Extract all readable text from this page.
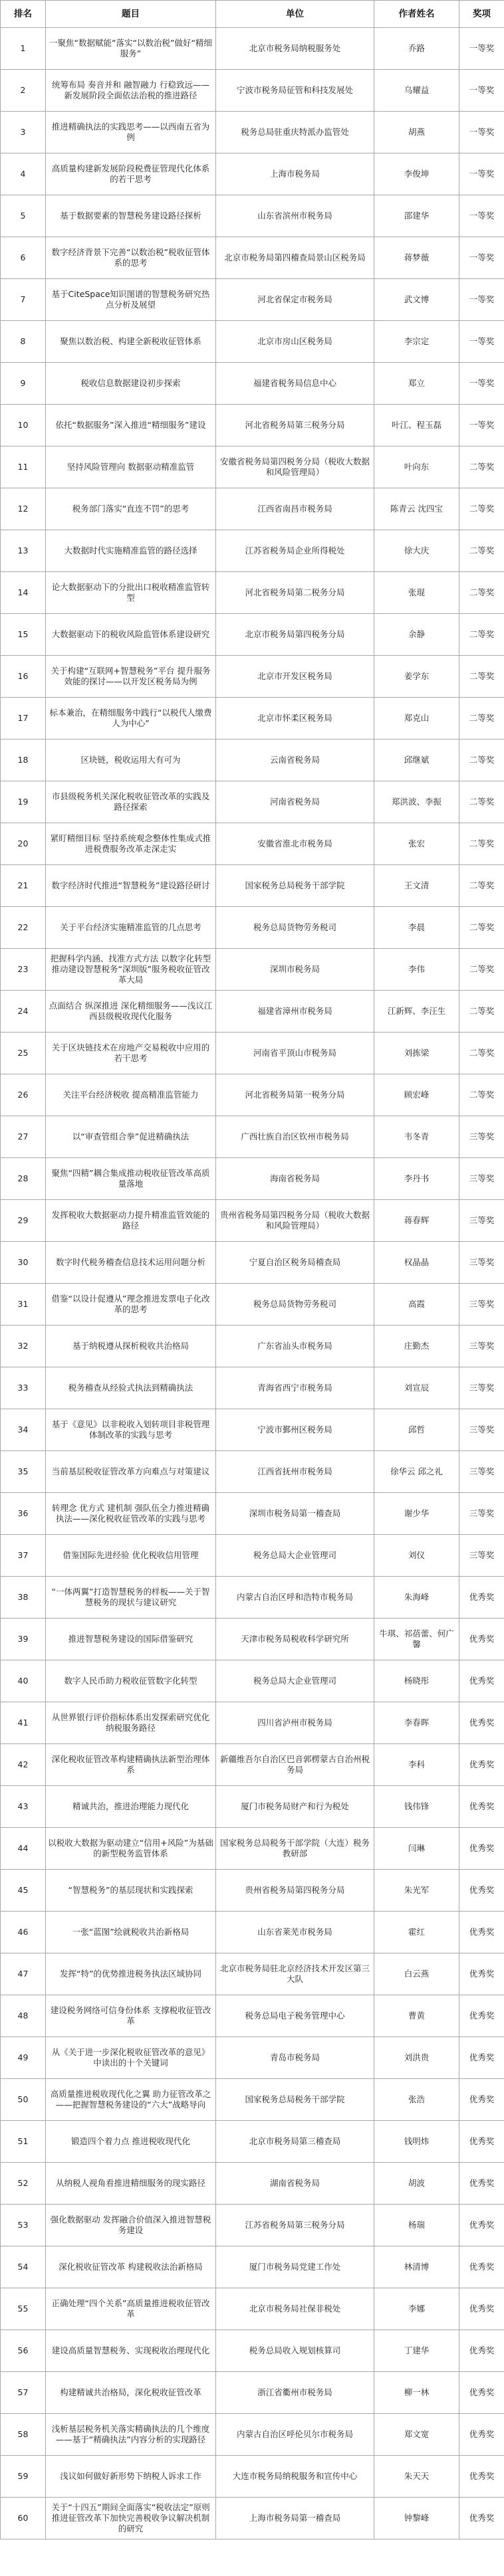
排名	题目	单位	作者姓名	奖项
1	一聚焦“数据赋能”落实“以数治税”做好“精细服务”	北京市税务局纳税服务处	乔路	一等奖
2	统筹布局 奏音并和 融智融力 行稳致远——新发展阶段全面依法治税的推进路径	宁波市税务局征管和科技发展处	乌耀益	一等奖
3	推进精确执法的实践思考——以西南五省为例	税务总局驻重庆特派办监管处	胡燕	一等奖
4	高质量构建新发展阶段税费征管现代化体系的若干思考	上海市税务局	李俊坤	一等奖
5	基于数据要素的智慧税务建设路径探析	山东省滨州市税务局	邵建华	一等奖
6	数字经济背景下完善“以数治税”税收征管体系的思考	北京市税务局第四稽查局景山区税务局	蒋梦薇	一等奖
7	基于CiteSpace知识图谱的智慧税务研究热点分析及展望	河北省保定市税务局	武文博	一等奖
8	聚焦以数治税、构建全新税收征管体系	北京市房山区税务局	李宗定	一等奖
9	税收信息数据建设初步探索	福建省税务局信息中心	郑立	一等奖
10	依托“数据服务”深入推进“精细服务”建设	河北省税务局第三税务分局	叶江、程玉磊	一等奖
11	坚持风险管理向 数据驱动精准监管	安徽省税务局第四税务分局（税收大数据和风险管理局）	叶向东	二等奖
12	税务部门落实“直连不罚”的思考	江西省南昌市税务局	陈青云 沈四宝	二等奖
13	大数据时代实施精准监管的路径选择	江苏省税务局企业所得税处	徐大庆	二等奖
14	论大数据驱动下的分批出口税收精准监管转型	河北省税务局第二税务分局	张琨	二等奖
15	大数据驱动下的税收风险监管体系建设研究	北京市税务局第四税务分局	余静	二等奖
16	关于构建“互联网+智慧税务”平台 提升服务效能的探讨——以开发区税务局为例	北京市开发区税务局	姜学东	二等奖
17	标本兼治，在精细服务中践行“以税代人缴费人为中心”	北京市怀柔区税务局	郑克山	二等奖
18	区块链，税收运用大有可为	云南省税务局	邱继斌	二等奖
19	市县级税务机关深化税收征管改革的实践及路径探索	河南省税务局	郑洪波、李振	二等奖
20	紧盯精细目标 坚持系统观念整体性集成式推进税费服务改革走深走实	安徽省淮北市税务局	张宏	二等奖
21	数字经济时代推进“智慧税务”建设路径研讨	国家税务总局税务干部学院	王文清	二等奖
22	关于平台经济实施精准监管的几点思考	税务总局货物劳务税司	李晨	二等奖
23	把握科学内涵、找准方式方法 以数字化转型推动建设智慧税务“深圳版”服务税收征管改革大局	深圳市税务局	李伟	二等奖
24	点面结合 纵深推进 深化精细服务——浅议江西县级税收现代化服务	福建省漳州市税务局	江新辉、李汪生	二等奖
25	关于区块链技术在房地产交易税收中应用的若干思考	河南省平顶山市税务局	刘拣梁	二等奖
26	关注平台经济税收 提高精准监管能力	河北省税务局第一税务分局	顾宏峰	二等奖
27	以“审查管组合拳”促进精确执法	广西壮族自治区钦州市税务局	韦冬青	三等奖
28	聚焦“四精”耦合集成推动税收征管改革高质量落地	海南省税务局	李丹书	三等奖
29	发挥税收大数据驱动力提升精准监管效能的路径	贵州省税务局第四税务分局（税收大数据和风险管理局）	蒋春辉	三等奖
30	数字时代税务稽查信息技术运用问题分析	宁夏自治区税务局稽查局	权晶晶	三等奖
31	借鉴“以设计促遵从”理念推进发票电子化改革的思考	税务总局货物劳务税司	高霞	三等奖
32	基于纳税遵从探析税收共治格局	广东省汕头市税务局	庄勤杰	三等奖
33	税务稽查从经验式执法到精确执法	青海省西宁市税务局	刘宣辰	三等奖
34	基于《意见》以非税收入划转项目非税管理体制改革的实践与思考	宁波市鄞州区税务局	邱哲	三等奖
35	当前基层税收征管改革方向难点与对策建议	江西省抚州市税务局	徐华云 邱之礼	三等奖
36	转理念 优方式 建机制 强队伍全力推进精确执法——深化税收征管改革的实践与思考	深圳市税务局第一稽查局	谢少华	三等奖
37	借鉴国际先进经验 优化税收信用管理	税务总局大企业管理司	刘仪	三等奖
38	“一体两翼”打造智慧税务的样板——关于智慧税务的现状与建议研究	内蒙古自治区呼和浩特市税务局	朱海峰	优秀奖
39	推进智慧税务建设的国际借鉴研究	天津市税务局税收科学研究所	牛琪、祁蓓蕾、何广馨	优秀奖
40	数字人民币助力税收征管数字化转型	税务总局大企业管理司	杨晓彤	优秀奖
41	从世界银行评价指标体系出发探索研究优化纳税服务路径	四川省泸州市税务局	李春晖	优秀奖
42	深化税收征管改革构建精确执法新型治理体系	新疆维吾尔自治区巴音郭楞蒙古自治州税务局	李科	优秀奖
43	精诚共治，推进治理能力现代化	厦门市税务局财产和行为税处	钱伟锋	优秀奖
44	以税收大数据为驱动建立“信用+风险”为基础的新型税务监管体系	国家税务总局税务干部学院（大连）税务教研部	闫琳	优秀奖
45	“智慧税务”的基层现状和实践探索	贵州省税务局第四税务分局	朱光军	优秀奖
46	一张“蓝图”绘就税收共治新格局	山东省莱芜市税务局	霍红	优秀奖
47	发挥“特”的优势推进税务执法区域协同	北京市税务局驻北京经济技术开发区第三大队	白云燕	优秀奖
48	建设税务网络可信身份体系 支撑税收征管改革	税务总局电子税务管理中心	曹黄	优秀奖
49	从《关于进一步深化税收征管改革的意见》中读出的十个关键词	青岛市税务局	刘洪贵	优秀奖
50	高质量推进税收现代化之翼 助力征管改革之——把握智慧税务建设的“六大”战略导向	国家税务总局税务干部学院	张浩	优秀奖
51	锻造四个着力点 推进税收现代化	北京市税务局第三稽查局	钱明炜	优秀奖
52	从纳税人视角看推进精细服务的现实路径	湖南省税务局	胡波	优秀奖
53	强化数据驱动 发挥融合价值深入推进智慧税务建设	江苏省税务局第三税务分局	杨瑞	优秀奖
54	深化税收征管改革 构建税收法治新格局	厦门市税务局党建工作处	林清博	优秀奖
55	正确处理“四个关系”高质量推进税收征管改革	北京市税务局社保非税处	李娜	优秀奖
56	建设高质量智慧税务、实现税收治理现代化	税务总局收入规划核算司	丁建华	优秀奖
57	构建精诚共治格局，深化税收征管改革	浙江省衢州市税务局	柳一林	优秀奖
58	浅析基层税务机关落实精确执法的几个维度——基于“精确执法”内容分析的实现路径	内蒙古自治区呼伦贝尔市税务局	郑文宽	优秀奖
59	浅议如何做好新形势下纳税人诉求工作	大连市税务局纳税服务和宣传中心	朱天天	优秀奖
60	关于“十四五”期间全面落实“税收法定”原则 推进征管改革下加快完善税收争议解决机制的研究	上海市税务局第一稽查局	钟黎峰	优秀奖
